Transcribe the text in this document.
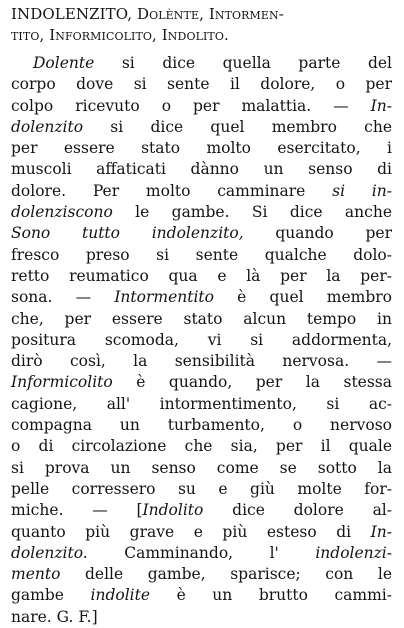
INDOLENZITO, Dolènte, Intormen-
tito, Informicolito, Indolito.
Dolente si dice quella parte del
corpo dove si sente il dolore, o per
colpo ricevuto o per malattia. — In-
dolenzito si dice quel membro che
per essere stato molto esercitato, i
muscoli affaticati dànno un senso di
dolore. Per molto camminare si in-
dolenziscono le gambe. Si dice anche
Sono tutto indolenzito, quando per
fresco preso si sente qualche dolo-
retto reumatico qua e là per la per-
sona. — Intormentito è quel membro
che, per essere stato alcun tempo in
positura scomoda, vi si addormenta,
dirò così, la sensibilità nervosa. —
Informicolito è quando, per la stessa
cagione, all' intormentimento, si ac-
compagna un turbamento, o nervoso
o di circolazione che sia, per il quale
si prova un senso come se sotto la
pelle corressero su e giù molte for-
miche. — [Indolito dice dolore al-
quanto più grave e più esteso di In-
dolenzito. Camminando, l' indolenzi-
mento delle gambe, sparisce; con le
gambe indolite è un brutto cammi-
nare. G. F.]
